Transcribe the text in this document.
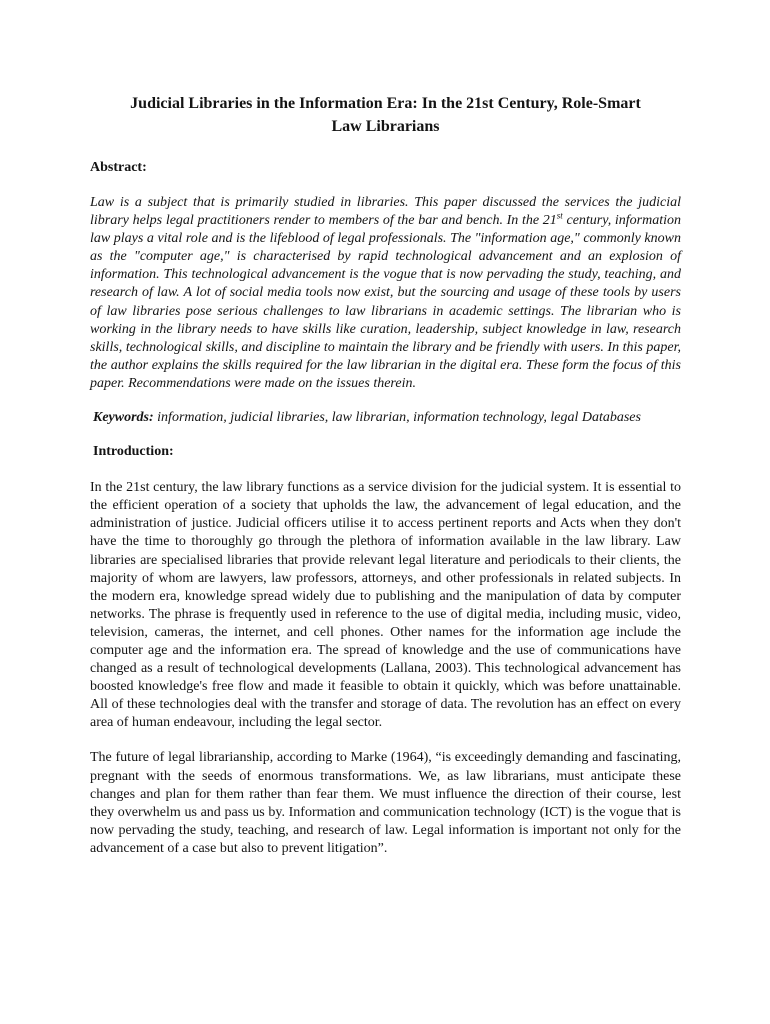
Judicial Libraries in the Information Era: In the 21st Century, Role-Smart
Law Librarians

Abstract:

Law is a subject that is primarily studied in libraries. This paper discussed the services the judicial library helps legal practitioners render to members of the bar and bench. In the 21st century, information law plays a vital role and is the lifeblood of legal professionals. The "information age," commonly known as the "computer age," is characterised by rapid technological advancement and an explosion of information. This technological advancement is the vogue that is now pervading the study, teaching, and research of law. A lot of social media tools now exist, but the sourcing and usage of these tools by users of law libraries pose serious challenges to law librarians in academic settings. The librarian who is working in the library needs to have skills like curation, leadership, subject knowledge in law, research skills, technological skills, and discipline to maintain the library and be friendly with users. In this paper, the author explains the skills required for the law librarian in the digital era. These form the focus of this paper. Recommendations were made on the issues therein.

Keywords: information, judicial libraries, law librarian, information technology, legal Databases

Introduction:

In the 21st century, the law library functions as a service division for the judicial system. It is essential to the efficient operation of a society that upholds the law, the advancement of legal education, and the administration of justice. Judicial officers utilise it to access pertinent reports and Acts when they don't have the time to thoroughly go through the plethora of information available in the law library. Law libraries are specialised libraries that provide relevant legal literature and periodicals to their clients, the majority of whom are lawyers, law professors, attorneys, and other professionals in related subjects. In the modern era, knowledge spread widely due to publishing and the manipulation of data by computer networks. The phrase is frequently used in reference to the use of digital media, including music, video, television, cameras, the internet, and cell phones. Other names for the information age include the computer age and the information era. The spread of knowledge and the use of communications have changed as a result of technological developments (Lallana, 2003). This technological advancement has boosted knowledge's free flow and made it feasible to obtain it quickly, which was before unattainable. All of these technologies deal with the transfer and storage of data. The revolution has an effect on every area of human endeavour, including the legal sector.

The future of legal librarianship, according to Marke (1964), “is exceedingly demanding and fascinating, pregnant with the seeds of enormous transformations. We, as law librarians, must anticipate these changes and plan for them rather than fear them. We must influence the direction of their course, lest they overwhelm us and pass us by. Information and communication technology (ICT) is the vogue that is now pervading the study, teaching, and research of law. Legal information is important not only for the advancement of a case but also to prevent litigation”.
